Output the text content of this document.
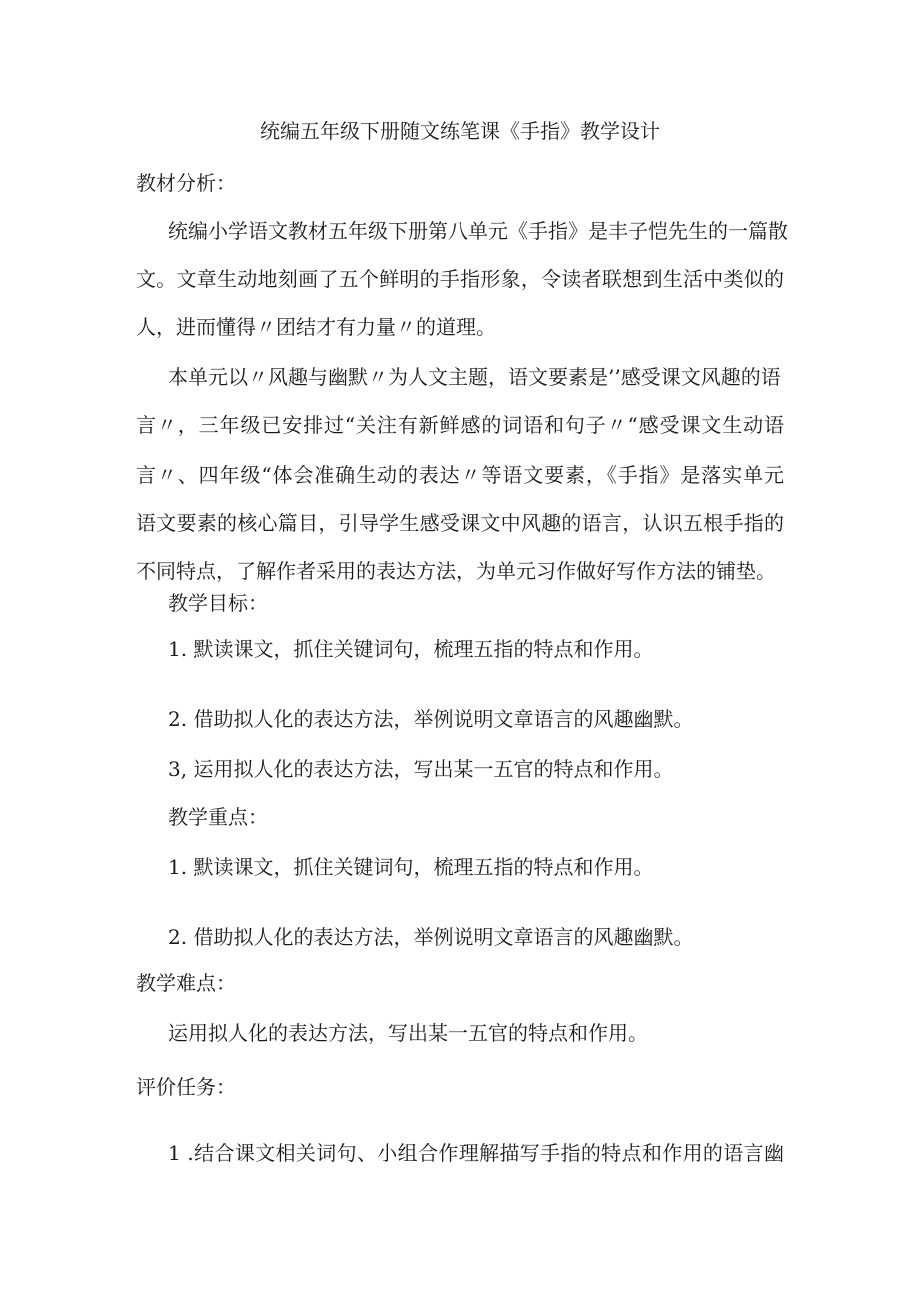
统编五年级下册随文练笔课《手指》教学设计
教材分析：
统编小学语文教材五年级下册第八单元《手指》是丰子恺先生的一篇散
文。文章生动地刻画了五个鲜明的手指形象，令读者联想到生活中类似的
人，进而懂得〃团结才有力量〃的道理。
本单元以〃风趣与幽默〃为人文主题，语文要素是’’感受课文风趣的语
言〃，三年级已安排过“关注有新鲜感的词语和句子〃“感受课文生动语
言〃、四年级“体会准确生动的表达〃等语文要素，《手指》是落实单元
语文要素的核心篇目，引导学生感受课文中风趣的语言，认识五根手指的
不同特点，了解作者采用的表达方法，为单元习作做好写作方法的铺垫。
教学目标：
1. 默读课文，抓住关键词句，梳理五指的特点和作用。
2. 借助拟人化的表达方法，举例说明文章语言的风趣幽默。
3, 运用拟人化的表达方法，写出某一五官的特点和作用。
教学重点：
1. 默读课文，抓住关键词句，梳理五指的特点和作用。
2. 借助拟人化的表达方法，举例说明文章语言的风趣幽默。
教学难点：
运用拟人化的表达方法，写出某一五官的特点和作用。
评价任务：
1 .结合课文相关词句、小组合作理解描写手指的特点和作用的语言幽
